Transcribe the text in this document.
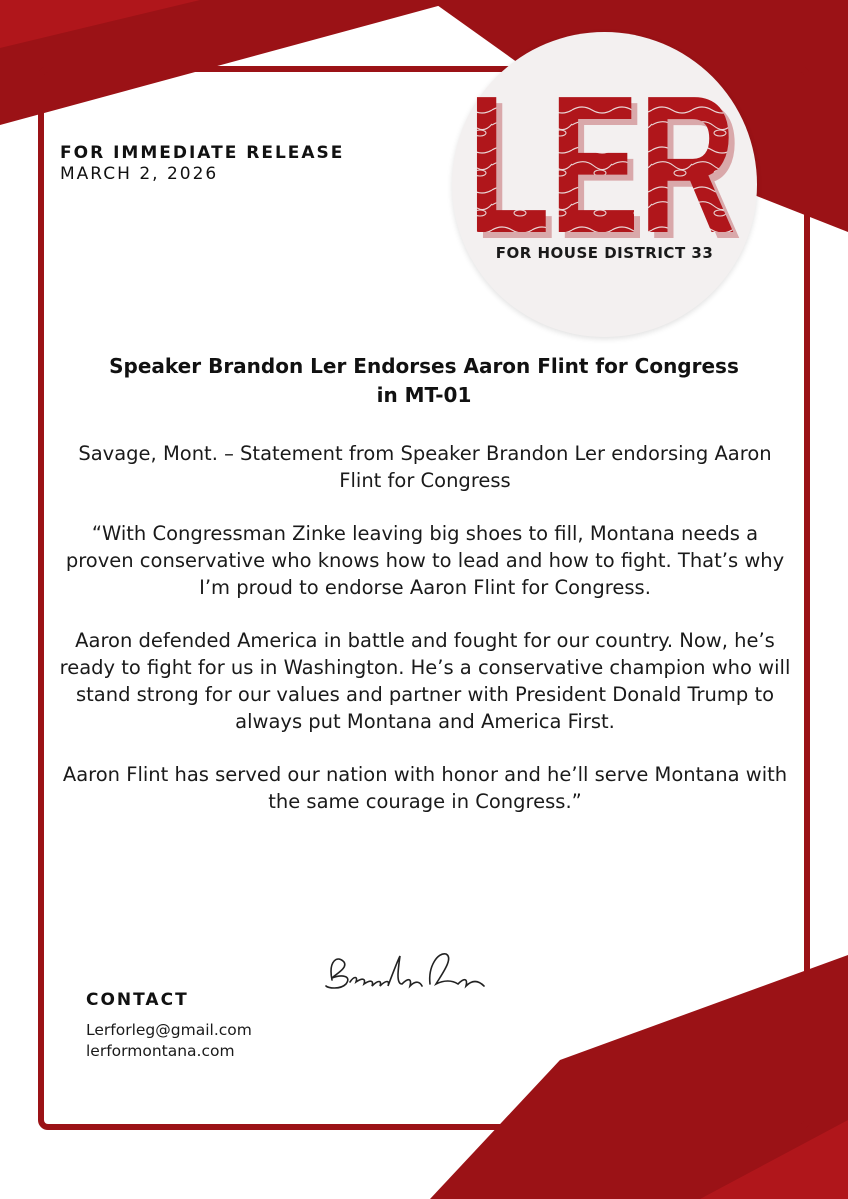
FOR IMMEDIATE RELEASE
MARCH 2, 2026	LER
LER
FOR HOUSE DISTRICT 33
Speaker Brandon Ler Endorses Aaron Flint for Congress in MT-01

Savage, Mont. – Statement from Speaker Brandon Ler endorsing Aaron Flint for Congress

“With Congressman Zinke leaving big shoes to fill, Montana needs a proven conservative who knows how to lead and how to fight. That’s why I’m proud to endorse Aaron Flint for Congress.

Aaron defended America in battle and fought for our country. Now, he’s ready to fight for us in Washington. He’s a conservative champion who will stand strong for our values and partner with President Donald Trump to always put Montana and America First.

Aaron Flint has served our nation with honor and he’ll serve Montana with the same courage in Congress.”

CONTACT
Lerforleg@gmail.com
lerformontana.com
